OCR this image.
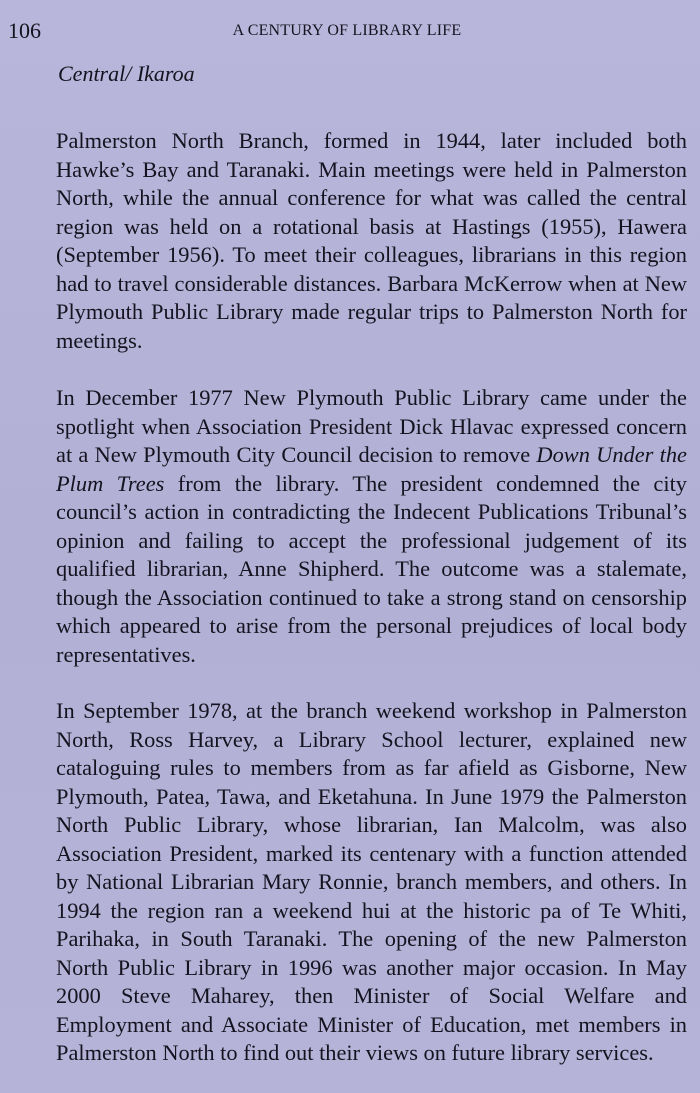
106	A CENTURY OF LIBRARY LIFE
Central/ Ikaroa

Palmerston North Branch, formed in 1944, later included both Hawke’s Bay and Taranaki. Main meetings were held in Palmerston North, while the annual conference for what was called the central region was held on a rotational basis at Hastings (1955), Hawera (September 1956). To meet their colleagues, librarians in this region had to travel considerable distances. Barbara McKerrow when at New Plymouth Public Library made regular trips to Palmerston North for meetings.

In December 1977 New Plymouth Public Library came under the spotlight when Association President Dick Hlavac expressed concern at a New Plymouth City Council decision to remove Down Under the Plum Trees from the library. The president condemned the city council’s action in contradicting the Indecent Publications Tribunal’s opinion and failing to accept the professional judgement of its qualified librarian, Anne Shipherd. The outcome was a stalemate, though the Association continued to take a strong stand on censorship which appeared to arise from the personal prejudices of local body representatives.

In September 1978, at the branch weekend workshop in Palmerston North, Ross Harvey, a Library School lecturer, explained new cataloguing rules to members from as far afield as Gisborne, New Plymouth, Patea, Tawa, and Eketahuna. In June 1979 the Palmerston North Public Library, whose librarian, Ian Malcolm, was also Association President, marked its centenary with a function attended by National Librarian Mary Ronnie, branch members, and others. In 1994 the region ran a weekend hui at the historic pa of Te Whiti, Parihaka, in South Taranaki. The opening of the new Palmerston North Public Library in 1996 was another major occasion. In May 2000 Steve Maharey, then Minister of Social Welfare and Employment and Associate Minister of Education, met members in Palmerston North to find out their views on future library services.
